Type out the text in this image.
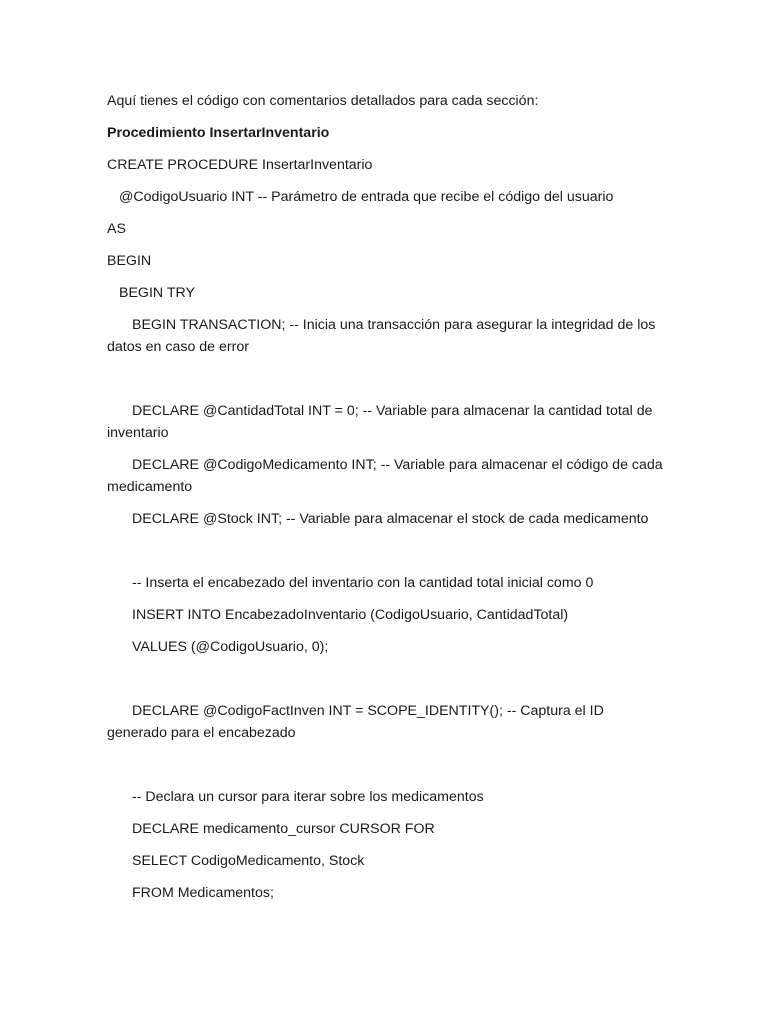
Aquí tienes el código con comentarios detallados para cada sección:

Procedimiento InsertarInventario

CREATE PROCEDURE InsertarInventario

@CodigoUsuario INT -- Parámetro de entrada que recibe el código del usuario

AS

BEGIN

BEGIN TRY

BEGIN TRANSACTION; -- Inicia una transacción para asegurar la integridad de los datos en caso de error

DECLARE @CantidadTotal INT = 0; -- Variable para almacenar la cantidad total de inventario

DECLARE @CodigoMedicamento INT; -- Variable para almacenar el código de cada medicamento

DECLARE @Stock INT; -- Variable para almacenar el stock de cada medicamento

-- Inserta el encabezado del inventario con la cantidad total inicial como 0

INSERT INTO EncabezadoInventario (CodigoUsuario, CantidadTotal)

VALUES (@CodigoUsuario, 0);

DECLARE @CodigoFactInven INT = SCOPE_IDENTITY(); -- Captura el ID generado para el encabezado

-- Declara un cursor para iterar sobre los medicamentos

DECLARE medicamento_cursor CURSOR FOR

SELECT CodigoMedicamento, Stock

FROM Medicamentos;
